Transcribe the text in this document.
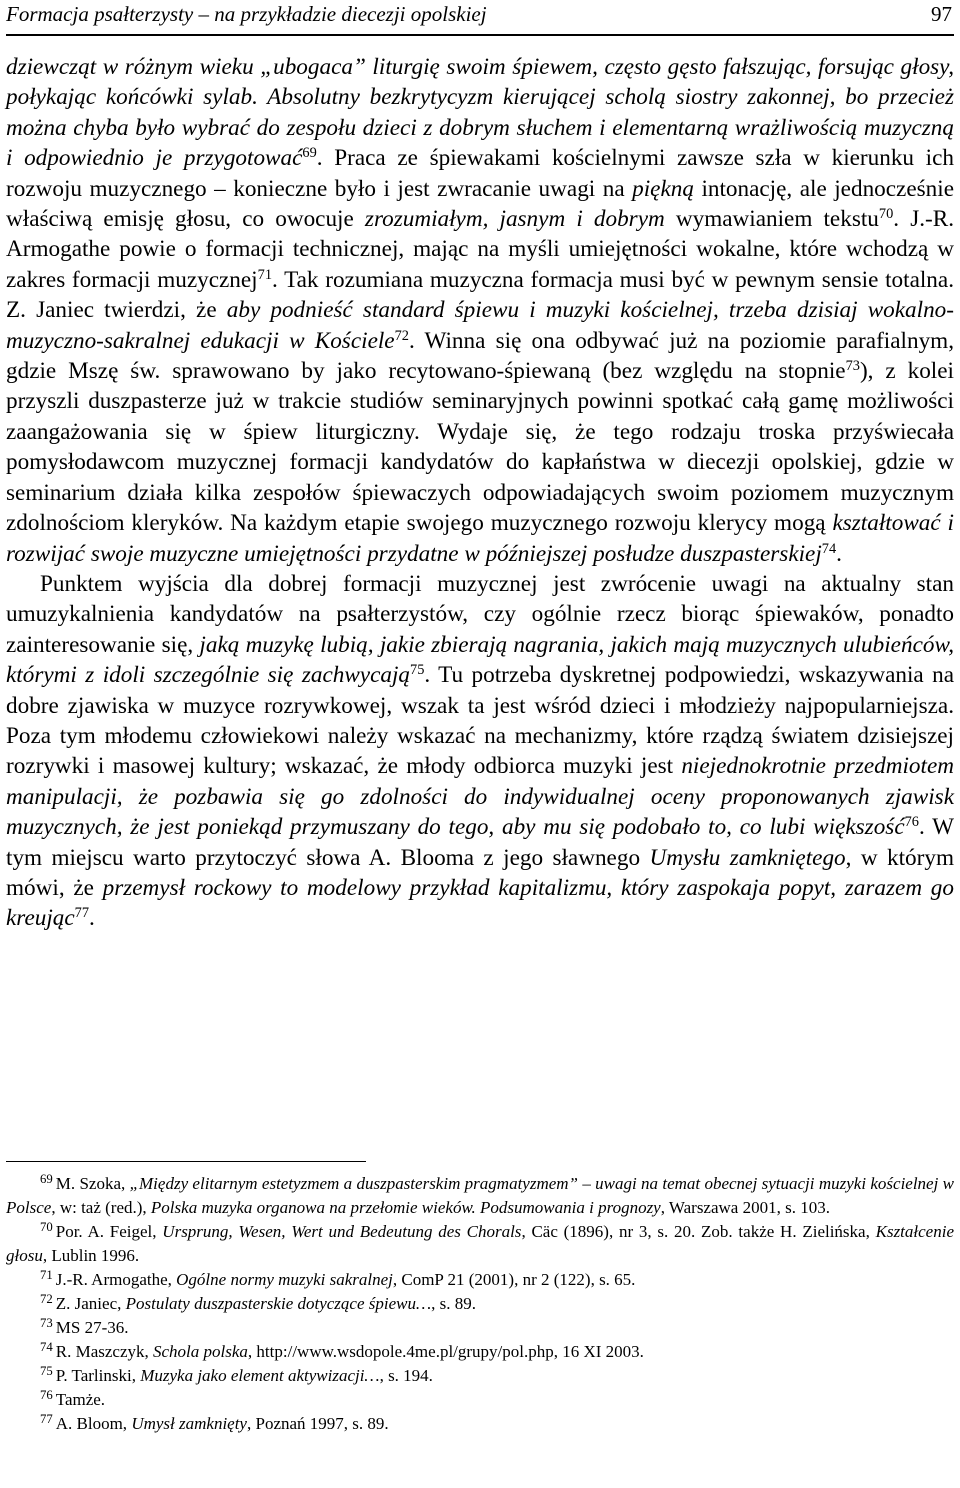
Formacja psałterzysty – na przykładzie diecezji opolskiej	97

dziewcząt w różnym wieku „ubogaca” liturgię swoim śpiewem, często gęsto fałszując, forsując głosy, połykając końcówki sylab. Absolutny bezkrytycyzm kierującej scholą siostry zakonnej, bo przecież można chyba było wybrać do zespołu dzieci z dobrym słuchem i elementarną wrażliwością muzyczną i odpowiednio je przygotować$^{69}$. Praca ze śpiewakami kościelnymi zawsze szła w kierunku ich rozwoju muzycznego – konieczne było i jest zwracanie uwagi na piękną intonację, ale jednocześnie właściwą emisję głosu, co owocuje zrozumiałym, jasnym i dobrym wymawianiem tekstu$^{70}$. J.-R. Armogathe powie o formacji technicznej, mając na myśli umiejętności wokalne, które wchodzą w zakres formacji muzycznej$^{71}$. Tak rozumiana muzyczna formacja musi być w pewnym sensie totalna. Z. Janiec twierdzi, że aby podnieść standard śpiewu i muzyki kościelnej, trzeba dzisiaj wokalno-muzyczno-sakralnej edukacji w Kościele$^{72}$. Winna się ona odbywać już na poziomie parafialnym, gdzie Mszę św. sprawowano by jako recytowano-śpiewaną (bez względu na stopnie$^{73}$), z kolei przyszli duszpasterze już w trakcie studiów seminaryjnych powinni spotkać całą gamę możliwości zaangażowania się w śpiew liturgiczny. Wydaje się, że tego rodzaju troska przyświecała pomysłodawcom muzycznej formacji kandydatów do kapłaństwa w diecezji opolskiej, gdzie w seminarium działa kilka zespołów śpiewaczych odpowiadających swoim poziomem muzycznym zdolnościom kleryków. Na każdym etapie swojego muzycznego rozwoju klerycy mogą kształtować i rozwijać swoje muzyczne umiejętności przydatne w późniejszej posłudze duszpasterskiej$^{74}$.

Punktem wyjścia dla dobrej formacji muzycznej jest zwrócenie uwagi na aktualny stan umuzykalnienia kandydatów na psałterzystów, czy ogólnie rzecz biorąc śpiewaków, ponadto zainteresowanie się, jaką muzykę lubią, jakie zbierają nagrania, jakich mają muzycznych ulubieńców, którymi z idoli szczególnie się zachwycają$^{75}$. Tu potrzeba dyskretnej podpowiedzi, wskazywania na dobre zjawiska w muzyce rozrywkowej, wszak ta jest wśród dzieci i młodzieży najpopularniejsza. Poza tym młodemu człowiekowi należy wskazać na mechanizmy, które rządzą światem dzisiejszej rozrywki i masowej kultury; wskazać, że młody odbiorca muzyki jest niejednokrotnie przedmiotem manipulacji, że pozbawia się go zdolności do indywidualnej oceny proponowanych zjawisk muzycznych, że jest poniekąd przymuszany do tego, aby mu się podobało to, co lubi większość$^{76}$. W tym miejscu warto przytoczyć słowa A. Blooma z jego sławnego Umysłu zamkniętego, w którym mówi, że przemysł rockowy to modelowy przykład kapitalizmu, który zaspokaja popyt, zarazem go kreując$^{77}$.

$^{69}$ M. Szoka, „Między elitarnym estetyzmem a duszpasterskim pragmatyzmem” – uwagi na temat obecnej sytuacji muzyki kościelnej w Polsce, w: taż (red.), Polska muzyka organowa na przełomie wieków. Podsumowania i prognozy, Warszawa 2001, s. 103.

$^{70}$ Por. A. Feigel, Ursprung, Wesen, Wert und Bedeutung des Chorals, Cäc (1896), nr 3, s. 20. Zob. także H. Zielińska, Kształcenie głosu, Lublin 1996.

$^{71}$ J.-R. Armogathe, Ogólne normy muzyki sakralnej, ComP 21 (2001), nr 2 (122), s. 65.

$^{72}$ Z. Janiec, Postulaty duszpasterskie dotyczące śpiewu…, s. 89.

$^{73}$ MS 27-36.

$^{74}$ R. Maszczyk, Schola polska, http://www.wsdopole.4me.pl/grupy/pol.php, 16 XI 2003.

$^{75}$ P. Tarlinski, Muzyka jako element aktywizacji…, s. 194.

$^{76}$ Tamże.

$^{77}$ A. Bloom, Umysł zamknięty, Poznań 1997, s. 89.
